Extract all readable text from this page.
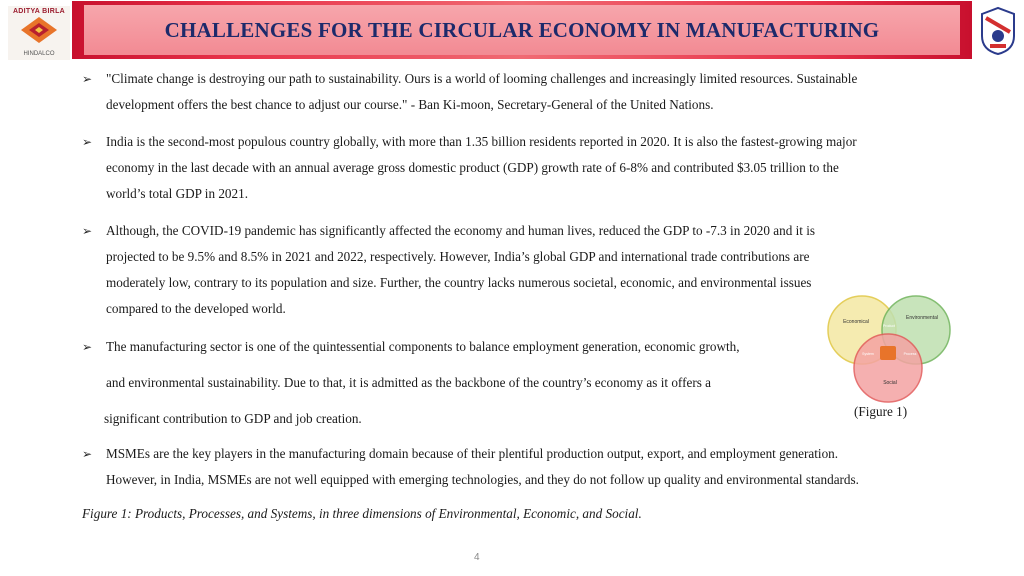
ADITYA BIRLA
HINDALCO
CHALLENGES FOR THE CIRCULAR ECONOMY IN MANUFACTURING
➢ "Climate change is destroying our path to sustainability. Ours is a world of looming challenges and increasingly limited resources. Sustainable
development offers the best chance to adjust our course." - Ban Ki-moon, Secretary-General of the United Nations.
➢ India is the second-most populous country globally, with more than 1.35 billion residents reported in 2020. It is also the fastest-growing major
economy in the last decade with an annual average gross domestic product (GDP) growth rate of 6-8% and contributed $3.05 trillion to the
world’s total GDP in 2021.
➢ Although, the COVID-19 pandemic has significantly affected the economy and human lives, reduced the GDP to -7.3 in 2020 and it is
projected to be 9.5% and 8.5% in 2021 and 2022, respectively. However, India’s global GDP and international trade contributions are
moderately low, contrary to its population and size. Further, the country lacks numerous societal, economic, and environmental issues
compared to the developed world.
➢ The manufacturing sector is one of the quintessential components to balance employment generation, economic growth,
and environmental sustainability. Due to that, it is admitted as the backbone of the country’s economy as it offers a
significant contribution to GDP and job creation.	(Figure 1)
➢ MSMEs are the key players in the manufacturing domain because of their plentiful production output, export, and employment generation.
However, in India, MSMEs are not well equipped with emerging technologies, and they do not follow up quality and environmental standards.
Economical
Environmental
Social
Product
Process
System
Figure 1: Products, Processes, and Systems, in three dimensions of Environmental, Economic, and Social.
4
